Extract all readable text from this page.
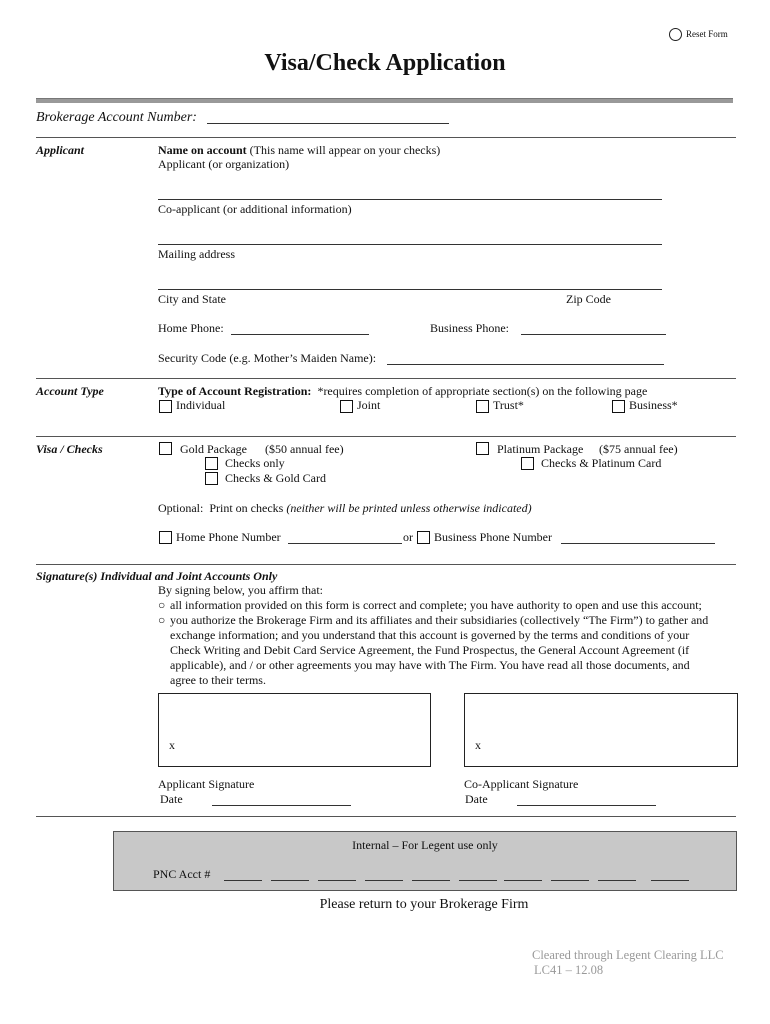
Reset Form
Visa/Check Application
Brokerage Account Number:
Applicant	Name on account (This name will appear on your checks)
Applicant (or organization)
Co-applicant (or additional information)
Mailing address
City and State	Zip Code
Home Phone:	Business Phone:
Security Code (e.g. Mother’s Maiden Name):
Account Type	Type of Account Registration:  *requires completion of appropriate section(s) on the following page
Individual	Joint	Trust*	Business*
Visa / Checks	Gold Package ($50 annual fee)
Checks only
Checks & Gold Card
Platinum Package ($75 annual fee)
Checks & Platinum Card
Optional:  Print on checks (neither will be printed unless otherwise indicated)
Home Phone Number	or Business Phone Number
Signature(s) Individual and Joint Accounts Only
By signing below, you affirm that:
○ all information provided on this form is correct and complete; you have authority to open and use this account;
○ you authorize the Brokerage Firm and its affiliates and their subsidiaries (collectively “The Firm”) to gather and
exchange information; and you understand that this account is governed by the terms and conditions of your
Check Writing and Debit Card Service Agreement, the Fund Prospectus, the General Account Agreement (if
applicable), and / or other agreements you may have with The Firm. You have read all those documents, and
agree to their terms.
x	x
Applicant Signature
Date
Co-Applicant Signature
Date
Internal – For Legent use only
PNC Acct #
Please return to your Brokerage Firm
Cleared through Legent Clearing LLC
LC41 – 12.08
